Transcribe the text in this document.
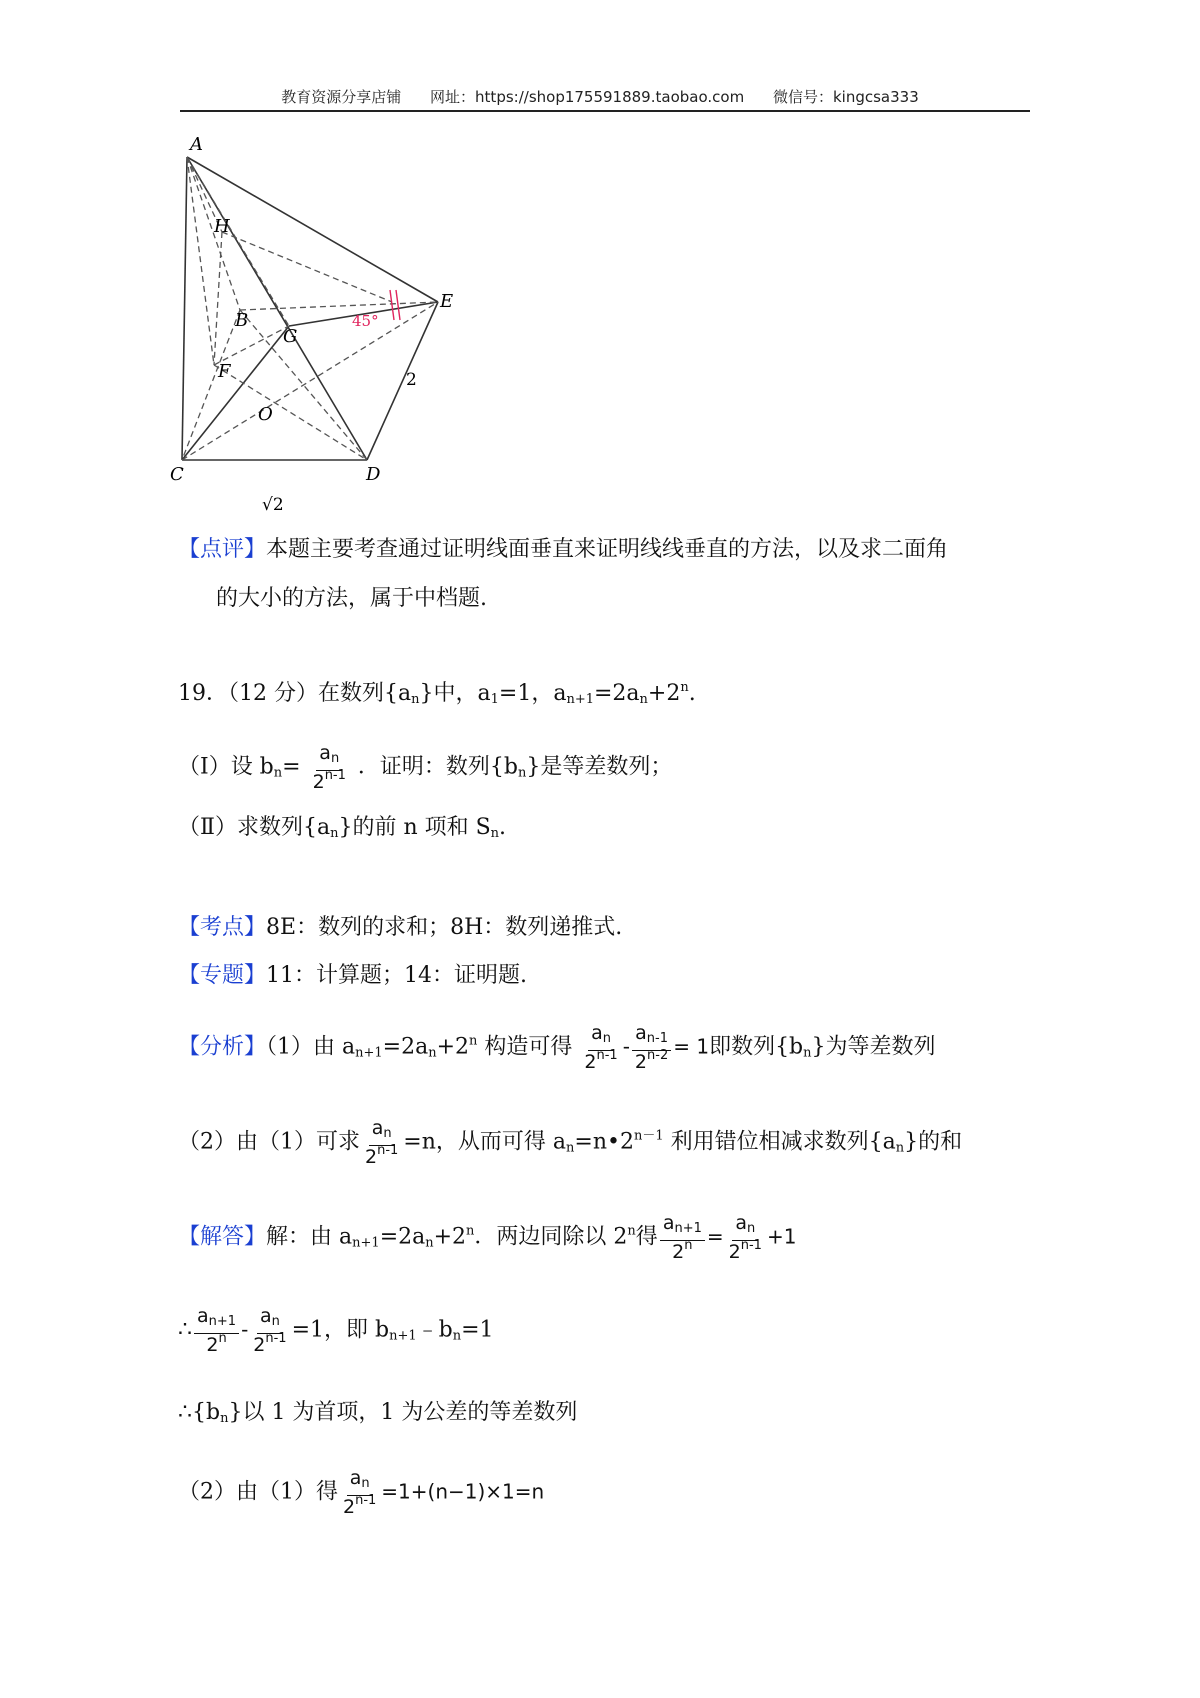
教育资源分享店铺 网址：https://shop175591889.taobao.com 微信号：kingcsa333
A
H
B
G
E
F
O
C	D
45°
2
√2
【点评】本题主要考查通过证明线面垂直来证明线线垂直的方法，以及求二面角
的大小的方法，属于中档题.
19．（12 分）在数列$\{a_n\}$中，$a_1=1$，$a_{n+1}=2a_n+2^n$.
（Ⅰ）设 $b_n= \frac{a_n}{2^{n-1}}$ ．证明：数列$\{b_n\}$是等差数列；
（Ⅱ）求数列$\{a_n\}$的前 n 项和 $S_n$.
【考点】8E：数列的求和；8H：数列递推式.
【专题】11：计算题；14：证明题.
【分析】（1）由 $a_{n+1}=2a_n+2^n$ 构造可得 $\frac{a_n}{2^{n-1}} - \frac{a_{n-1}}{2^{n-2}} = 1$即数列$\{b_n\}$为等差数列
（2）由（1）可求 $\frac{a_n}{2^{n-1}} =n$，从而可得 $a_n=n•2^{n-1}$ 利用错位相减求数列$\{a_n\}$的和
【解答】解：由 $a_{n+1}=2a_n+2^n$．两边同除以 2$^n$得 $\frac{a_{n+1}}{2^n} = \frac{a_n}{2^{n-1}} +1$
∴ $\frac{a_{n+1}}{2^n} - \frac{a_n}{2^{n-1}} =1$，即 $b_{n+1}﹣b_n=1$
$\therefore\{b_n\}$以 1 为首项，1 为公差的等差数列
（2）由（1）得 $\frac{a_n}{2^{n-1}} =1+(n-1)\times 1=n$
